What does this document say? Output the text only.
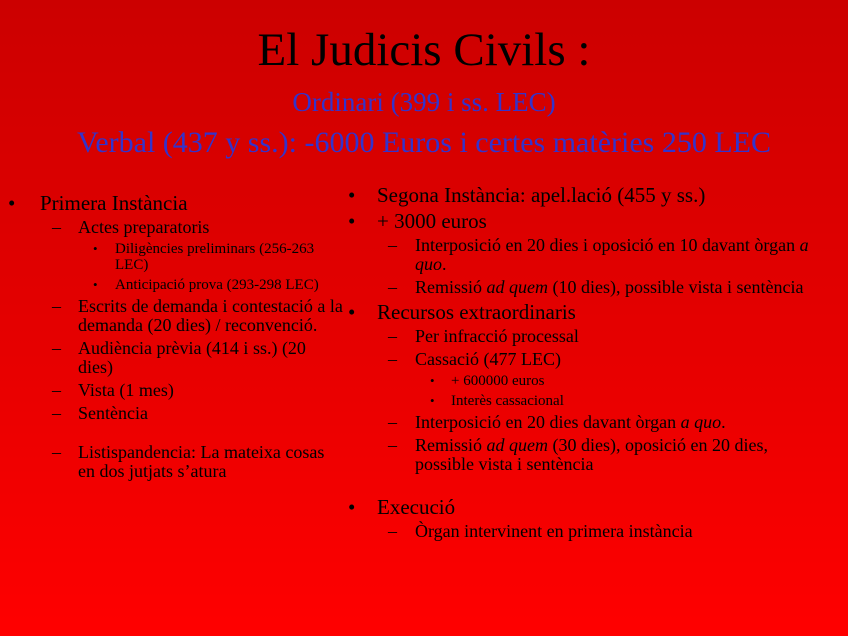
El Judicis Civils :
Ordinari (399 i ss. LEC)
Verbal (437 y ss.): -6000 Euros i certes matèries 250 LEC
• Primera Instància
– Actes preparatoris
• Diligències preliminars (256-263 LEC)
• Anticipació prova (293-298 LEC)
– Escrits de demanda i contestació a la demanda (20 dies) / reconvenció.
– Audiència prèvia (414 i ss.) (20 dies)
– Vista (1 mes)
– Sentència
– Listispandencia: La mateixa cosas en dos jutjats s’atura
• Segona Instància: apel.lació (455 y ss.)
• + 3000 euros
– Interposició en 20 dies i oposició en 10 davant òrgan a quo.
– Remissió ad quem (10 dies), possible vista i sentència
• Recursos extraordinaris
– Per infracció processal
– Cassació (477 LEC)
• + 600000 euros
• Interès cassacional
– Interposició en 20 dies davant òrgan a quo.
– Remissió ad quem (30 dies), oposició en 20 dies, possible vista i sentència
• Execució
– Òrgan intervinent en primera instància
